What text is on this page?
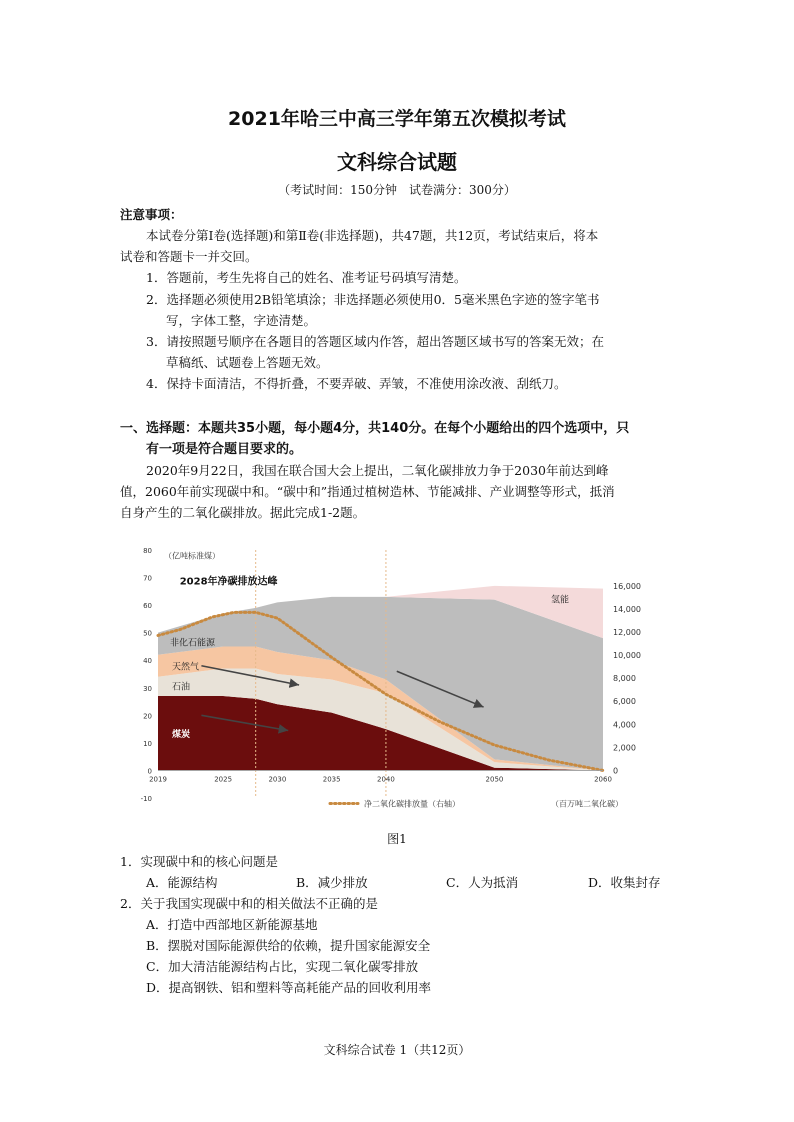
2021年哈三中高三学年第五次模拟考试
文科综合试题
（考试时间：150分钟　试卷满分：300分）
注意事项：
本试卷分第Ⅰ卷(选择题)和第Ⅱ卷(非选择题)，共47题，共12页，考试结束后，将本
试卷和答题卡一并交回。
1．答题前，考生先将自己的姓名、准考证号码填写清楚。
2．选择题必须使用2B铅笔填涂；非选择题必须使用0．5毫米黑色字迹的签字笔书
写，字体工整，字迹清楚。
3．请按照题号顺序在各题目的答题区域内作答，超出答题区域书写的答案无效；在
草稿纸、试题卷上答题无效。
4．保持卡面清洁，不得折叠，不要弄破、弄皱，不准使用涂改液、刮纸刀。
一、选择题：本题共35小题，每小题4分，共140分。在每个小题给出的四个选项中，只
有一项是符合题目要求的。
2020年9月22日，我国在联合国大会上提出，二氧化碳排放力争于2030年前达到峰
值，2060年前实现碳中和。“碳中和”指通过植树造林、节能减排、产业调整等形式，抵消
自身产生的二氧化碳排放。据此完成1-2题。
2019	2025	2030	2035	2040	2050	2060
80
70
60
50
40
30
20
10
0
-10
16,000
14,000
12,000
10,000
8,000
6,000
4,000
2,000
0
煤炭
石油
天然气
非化石能源
氢能
（亿吨标准煤）
2028年净碳排放达峰
净二氧化碳排放量（右轴）	（百万吨二氧化碳）
图1
1．实现碳中和的核心问题是
A．能源结构	B．减少排放	C．人为抵消	D．收集封存
2．关于我国实现碳中和的相关做法不正确的是
A．打造中西部地区新能源基地
B．摆脱对国际能源供给的依赖，提升国家能源安全
C．加大清洁能源结构占比，实现二氧化碳零排放
D．提高钢铁、铝和塑料等高耗能产品的回收利用率
文科综合试卷 1（共12页）
